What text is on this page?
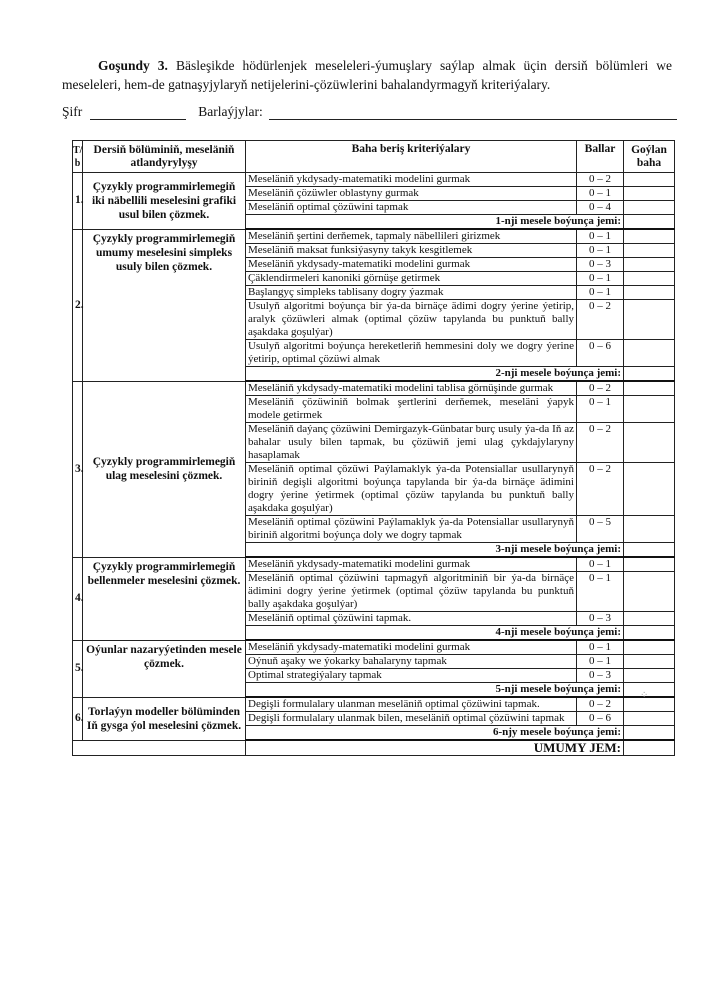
Goşundy 3. Bäsleşikde hödürlenjek meseleleri-ýumuşlary saýlap almak üçin dersiň bölümleri we meseleleri, hem-de gatnaşyjylaryň netijelerini-çözüwlerini bahalandyrmagyň kriteriýalary.
Şifr	Barlaýjylar:
T/ b	Dersiň bölüminiň, meseläniň atlandyrylyşy	Baha beriş kriteriýalary	Ballar	Goýlan baha
1.	Çyzykly programmirlemegiň iki näbellili meselesini grafiki usul bilen çözmek.	Meseläniň ykdysady-matematiki modelini gurmak	0 – 2	
		Meseläniň çözüwler oblastyny gurmak	0 – 1	
		Meseläniň optimal çözüwini tapmak	0 – 4	
		1-nji mesele boýunça jemi:		
2.	Çyzykly programmirlemegiň umumy meselesini simpleks usuly bilen çözmek.	Meseläniň şertini derňemek, tapmaly näbellileri girizmek	0 – 1	
		Meseläniň maksat funksiýasyny takyk kesgitlemek	0 – 1	
		Meseläniň ykdysady-matematiki modelini gurmak	0 – 3	
		Çäklendirmeleri kanoniki görnüşe getirmek	0 – 1	
		Başlangyç simpleks tablisany dogry ýazmak	0 – 1	
		Usulyň algoritmi boýunça bir ýa-da birnäçe ädimi dogry ýerine ýetirip, aralyk çözüwleri almak (optimal çözüw tapylanda bu punktuň bally aşakdaka goşulýar)	0 – 2	
		Usulyň algoritmi boýunça hereketleriň hemmesini doly we dogry ýerine ýetirip, optimal çözüwi almak	0 – 6	
		2-nji mesele boýunça jemi:		
3.	Çyzykly programmirlemegiň ulag meselesini çözmek.	Meseläniň ykdysady-matematiki modelini tablisa görnüşinde gurmak	0 – 2	
		Meseläniň çözüwiniň bolmak şertlerini derňemek, meseläni ýapyk modele getirmek	0 – 1	
		Meseläniň daýanç çözüwini Demirgazyk-Günbatar burç usuly ýa-da Iň az bahalar usuly bilen tapmak, bu çözüwiň jemi ulag çykdajylaryny hasaplamak	0 – 2	
		Meseläniň optimal çözüwi Paýlamaklyk ýa-da Potensiallar usullarynyň biriniň degişli algoritmi boýunça tapylanda bir ýa-da birnäçe ädimini dogry ýerine ýetirmek (optimal çözüw tapylanda bu punktuň bally aşakdaka goşulýar)	0 – 2	
		Meseläniň optimal çözüwini Paýlamaklyk ýa-da Potensiallar usullarynyň biriniň algoritmi boýunça doly we dogry tapmak	0 – 5	
		3-nji mesele boýunça jemi:		
4.	Çyzykly programmirlemegiň bellenmeler meselesini çözmek.	Meseläniň ykdysady-matematiki modelini gurmak	0 – 1	
		Meseläniň optimal çözüwini tapmagyň algoritminiň bir ýa-da birnäçe ädimini dogry ýerine ýetirmek (optimal çözüw tapylanda bu punktuň bally aşakdaka goşulýar)	0 – 1	
		Meseläniň optimal çözüwini tapmak.	0 – 3	
		4-nji mesele boýunça jemi:		
5.	Oýunlar nazaryýetinden mesele çözmek.	Meseläniň ykdysady-matematiki modelini gurmak	0 – 1	
		Oýnuň aşaky we ýokarky bahalaryny tapmak	0 – 1	
		Optimal strategiýalary tapmak	0 – 3	
		5-nji mesele boýunça jemi:		
6.	Torlaýyn modeller bölüminden Iň gysga ýol meselesini çözmek.	Degişli formulalary ulanman meseläniň optimal çözüwini tapmak.	0 – 2	
		Degişli formulalary ulanmak bilen, meseläniň optimal çözüwini tapmak	0 – 6	
		6-njy mesele boýunça jemi:		
		UMUMY JEM:		
⁘
